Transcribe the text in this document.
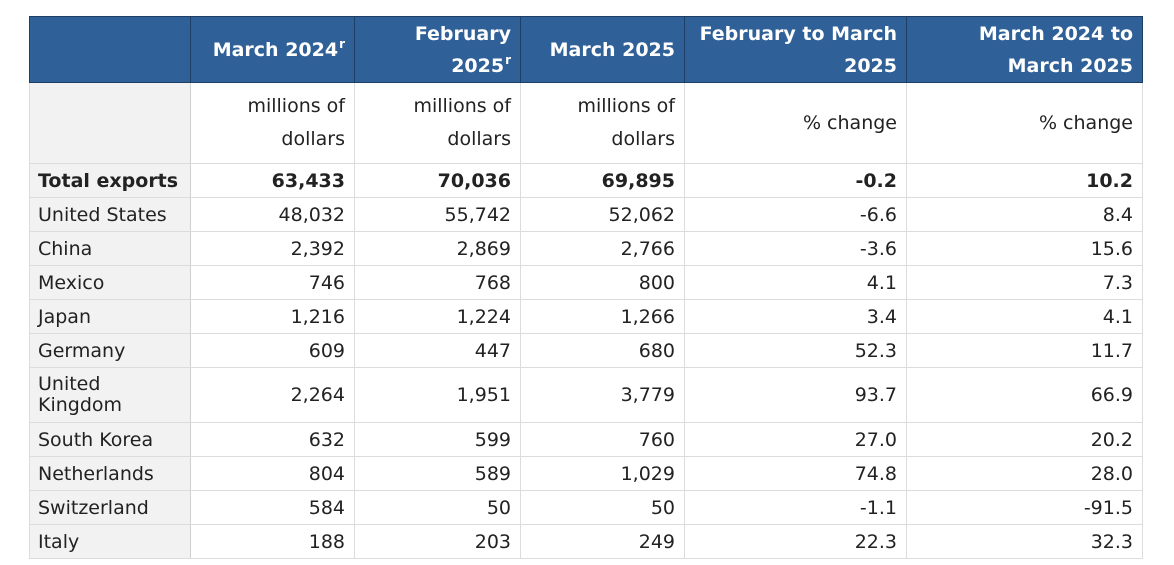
	March 2024$^r$	February 2025$^r$	March 2025	February to March 2025	March 2024 to March 2025
	millions of dollars	millions of dollars	millions of dollars	% change	% change
Total exports	63,433	70,036	69,895	-0.2	10.2
United States	48,032	55,742	52,062	-6.6	8.4
China	2,392	2,869	2,766	-3.6	15.6
Mexico	746	768	800	4.1	7.3
Japan	1,216	1,224	1,266	3.4	4.1
Germany	609	447	680	52.3	11.7
United Kingdom	2,264	1,951	3,779	93.7	66.9
South Korea	632	599	760	27.0	20.2
Netherlands	804	589	1,029	74.8	28.0
Switzerland	584	50	50	-1.1	-91.5
Italy	188	203	249	22.3	32.3
